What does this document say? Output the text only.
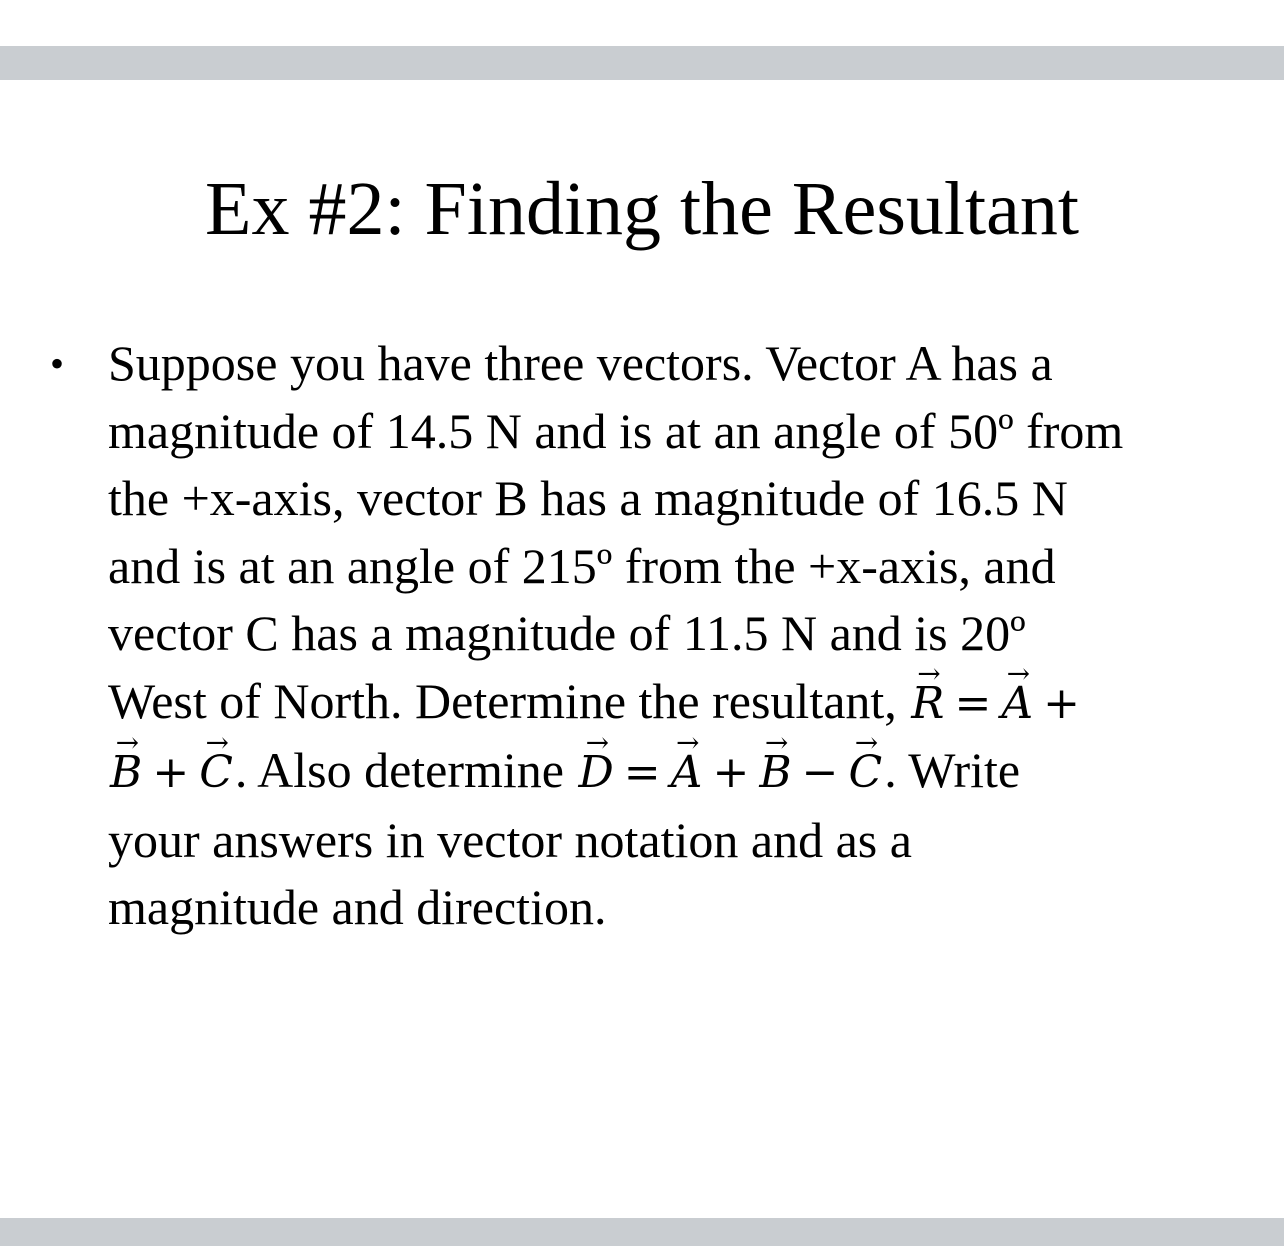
Ex #2: Finding the Resultant
• Suppose you have three vectors. Vector A has a
magnitude of 14.5 N and is at an angle of 50º from
the +x-axis, vector B has a magnitude of 16.5 N
and is at an angle of 215º from the +x-axis, and
vector C has a magnitude of 11.5 N and is 20º
West of North. Determine the resultant, → R = → A +
→ B + → C. Also determine → D = → A + → B − → C. Write
your answers in vector notation and as a
magnitude and direction.
